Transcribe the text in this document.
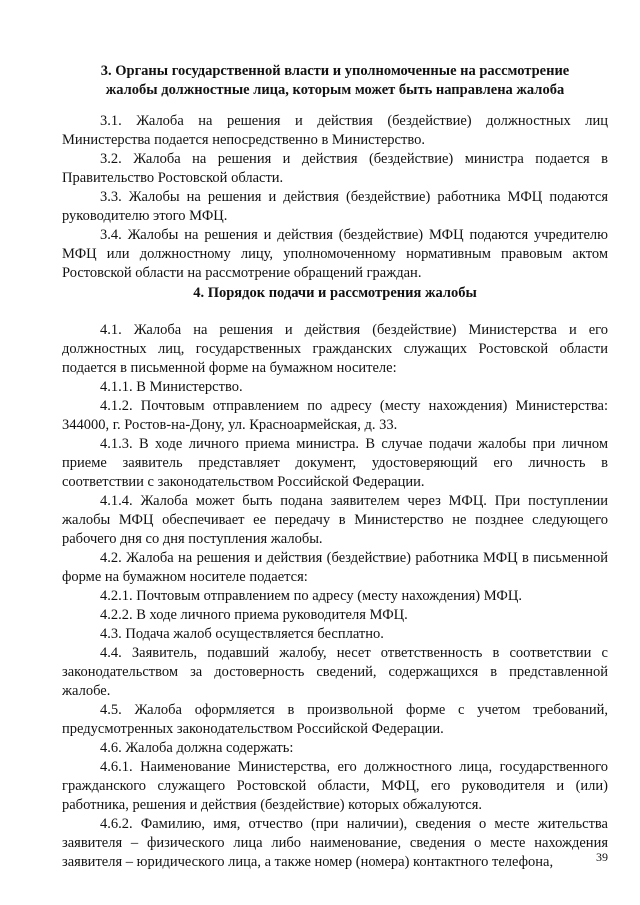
3. Органы государственной власти и уполномоченные на рассмотрение
жалобы должностные лица, которым может быть направлена жалоба
3.1. Жалоба на решения и действия (бездействие) должностных лиц Министерства подается непосредственно в Министерство.
3.2. Жалоба на решения и действия (бездействие) министра подается в Правительство Ростовской области.
3.3. Жалобы на решения и действия (бездействие) работника МФЦ подаются руководителю этого МФЦ.
3.4. Жалобы на решения и действия (бездействие) МФЦ подаются учредителю МФЦ или должностному лицу, уполномоченному нормативным правовым актом Ростовской области на рассмотрение обращений граждан.
4. Порядок подачи и рассмотрения жалобы
4.1. Жалоба на решения и действия (бездействие) Министерства и его должностных лиц, государственных гражданских служащих Ростовской области подается в письменной форме на бумажном носителе:
4.1.1. В Министерство.
4.1.2. Почтовым отправлением по адресу (месту нахождения) Министерства: 344000, г. Ростов-на-Дону, ул. Красноармейская, д. 33.
4.1.3. В ходе личного приема министра. В случае подачи жалобы при личном приеме заявитель представляет документ, удостоверяющий его личность в соответствии с законодательством Российской Федерации.
4.1.4. Жалоба может быть подана заявителем через МФЦ. При поступлении жалобы МФЦ обеспечивает ее передачу в Министерство не позднее следующего рабочего дня со дня поступления жалобы.
4.2. Жалоба на решения и действия (бездействие) работника МФЦ в письменной форме на бумажном носителе подается:
4.2.1. Почтовым отправлением по адресу (месту нахождения) МФЦ.
4.2.2. В ходе личного приема руководителя МФЦ.
4.3. Подача жалоб осуществляется бесплатно.
4.4. Заявитель, подавший жалобу, несет ответственность в соответствии с законодательством за достоверность сведений, содержащихся в представленной жалобе.
4.5. Жалоба оформляется в произвольной форме с учетом требований, предусмотренных законодательством Российской Федерации.
4.6. Жалоба должна содержать:
4.6.1. Наименование Министерства, его должностного лица, государственного гражданского служащего Ростовской области, МФЦ, его руководителя и (или) работника, решения и действия (бездействие) которых обжалуются.
4.6.2. Фамилию, имя, отчество (при наличии), сведения о месте жительства заявителя – физического лица либо наименование, сведения о месте нахождения заявителя – юридического лица, а также номер (номера) контактного телефона,	39
